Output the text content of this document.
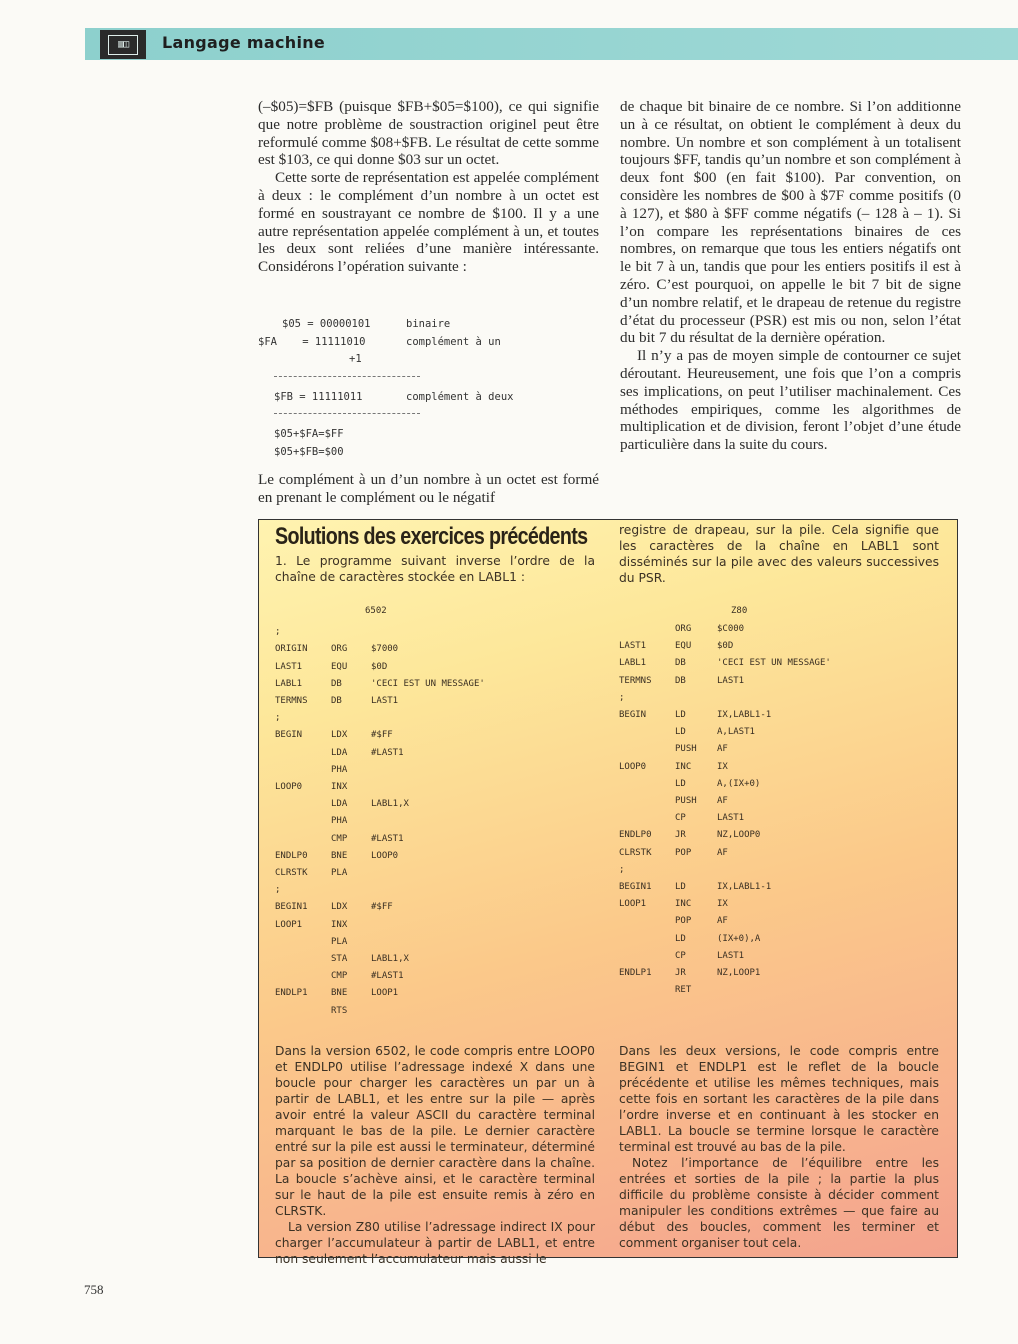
▥◫	Langage machine

(–$05)=$FB (puisque $FB+$05=$100), ce qui signifie que notre problème de soustraction originel peut être reformulé comme $08+$FB. Le résultat de cette somme est $103, ce qui donne $03 sur un octet.

Cette sorte de représentation est appelée complément à deux : le complément d’un nombre à un octet est formé en soustrayant ce nombre de $100. Il y a une autre représentation appelée complément à un, et toutes les deux sont reliées d’une manière intéressante. Considérons l’opération suivante :

$05 = 00000101	binaire
$FA    = 11111010	complément à un
+1
$FB = 11111011	complément à deux
$05+$FA=$FF
$05+$FB=$00

Le complément à un d’un nombre à un octet est formé en prenant le complément ou le négatif

de chaque bit binaire de ce nombre. Si l’on additionne un à ce résultat, on obtient le complément à deux du nombre. Un nombre et son complément à un totalisent toujours $FF, tandis qu’un nombre et son complément à deux font $00 (en fait $100). Par convention, on considère les nombres de $00 à $7F comme positifs (0 à 127), et $80 à $FF comme négatifs (– 128 à – 1). Si l’on compare les représentations binaires de ces nombres, on remarque que tous les entiers négatifs ont le bit 7 à un, tandis que pour les entiers positifs il est à zéro. C’est pourquoi, on appelle le bit 7 bit de signe d’un nombre relatif, et le drapeau de retenue du registre d’état du processeur (PSR) est mis ou non, selon l’état du bit 7 du résultat de la dernière opération.

Il n’y a pas de moyen simple de contourner ce sujet déroutant. Heureusement, une fois que l’on a compris ses implications, on peut l’utiliser machinalement. Ces méthodes empiriques, comme les algorithmes de multiplication et de division, feront l’objet d’une étude particulière dans la suite du cours.

Solutions des exercices précédents

1. Le programme suivant inverse l’ordre de la chaîne de caractères stockée en LABL1 :

registre de drapeau, sur la pile. Cela signifie que les caractères de la chaîne en LABL1 sont disséminés sur la pile avec des valeurs successives du PSR.

6502
;
ORIGIN	ORG	$7000
LAST1	EQU	$0D
LABL1	DB	'CECI EST UN MESSAGE'
TERMNS	DB	LAST1
;
BEGIN	LDX	#$FF
LDA	#LAST1
PHA
LOOP0	INX
LDA	LABL1,X
PHA
CMP	#LAST1
ENDLP0	BNE	LOOP0
CLRSTK	PLA
;
BEGIN1	LDX	#$FF
LOOP1	INX
PLA
STA	LABL1,X
CMP	#LAST1
ENDLP1	BNE	LOOP1
RTS
Z80
ORG	$C000
LAST1	EQU	$0D
LABL1	DB	'CECI EST UN MESSAGE'
TERMNS	DB	LAST1
;
BEGIN	LD	IX,LABL1-1
LD	A,LAST1
PUSH AF
LOOP0	INC	IX
LD	A,(IX+0)
PUSH AF
CP	LAST1
ENDLP0	JR	NZ,LOOP0
CLRSTK	POP	AF
;
BEGIN1	LD	IX,LABL1-1
LOOP1	INC	IX
POP	AF
LD	(IX+0),A
CP	LAST1
ENDLP1	JR	NZ,LOOP1
RET

Dans la version 6502, le code compris entre LOOP0 et ENDLP0 utilise l’adressage indexé X dans une boucle pour charger les caractères un par un à partir de LABL1, et les entre sur la pile — après avoir entré la valeur ASCII du caractère terminal marquant le bas de la pile. Le dernier caractère entré sur la pile est aussi le terminateur, déterminé par sa position de dernier caractère dans la chaîne. La boucle s’achève ainsi, et le caractère terminal sur le haut de la pile est ensuite remis à zéro en CLRSTK.

La version Z80 utilise l’adressage indirect IX pour charger l’accumulateur à partir de LABL1, et entre non seulement l’accumulateur mais aussi le

Dans les deux versions, le code compris entre BEGIN1 et ENDLP1 est le reflet de la boucle précédente et utilise les mêmes techniques, mais cette fois en sortant les caractères de la pile dans l’ordre inverse et en continuant à les stocker en LABL1. La boucle se termine lorsque le caractère terminal est trouvé au bas de la pile.

Notez l’importance de l’équilibre entre les entrées et sorties de la pile ; la partie la plus difficile du problème consiste à décider comment manipuler les conditions extrêmes — que faire au début des boucles, comment les terminer et comment organiser tout cela.

758
